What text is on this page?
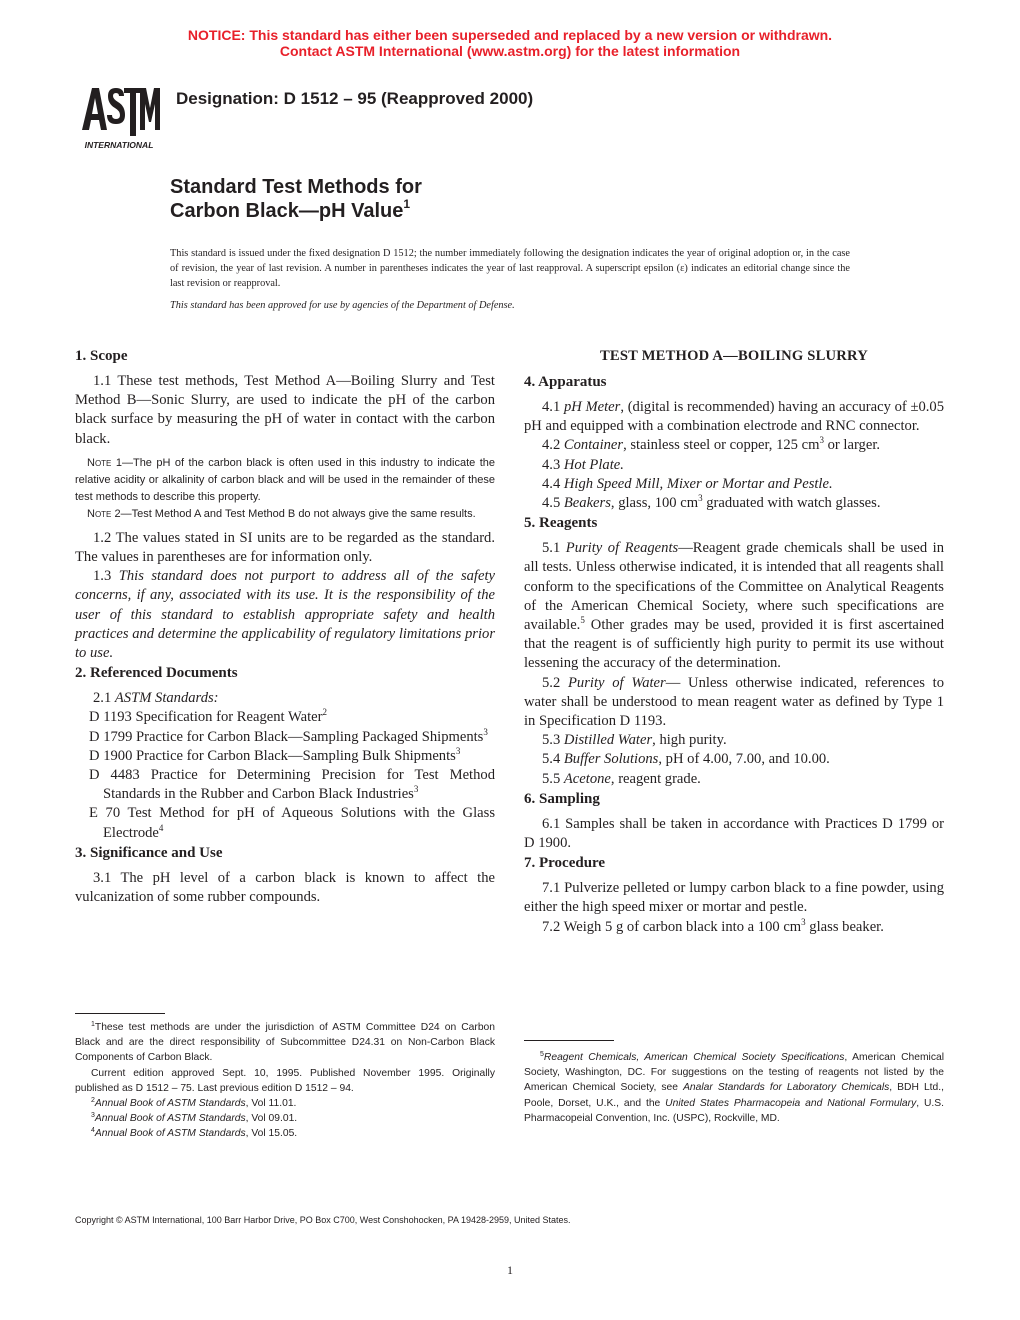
NOTICE: This standard has either been superseded and replaced by a new version or withdrawn.
Contact ASTM International (www.astm.org) for the latest information
INTERNATIONAL
Designation: D 1512 – 95 (Reapproved 2000)
Standard Test Methods for
Carbon Black—pH Value$^1$
This standard is issued under the fixed designation D 1512; the number immediately following the designation indicates the year of original adoption or, in the case of revision, the year of last revision. A number in parentheses indicates the year of last reapproval. A superscript epsilon (ε) indicates an editorial change since the last revision or reapproval.
This standard has been approved for use by agencies of the Department of Defense.
1. Scope

1.1 These test methods, Test Method A—Boiling Slurry and Test Method B—Sonic Slurry, are used to indicate the pH of the carbon black surface by measuring the pH of water in contact with the carbon black.

Note 1—The pH of the carbon black is often used in this industry to indicate the relative acidity or alkalinity of carbon black and will be used in the remainder of these test methods to describe this property.

Note 2—Test Method A and Test Method B do not always give the same results.

1.2 The values stated in SI units are to be regarded as the standard. The values in parentheses are for information only.

1.3 This standard does not purport to address all of the safety concerns, if any, associated with its use. It is the responsibility of the user of this standard to establish appropriate safety and health practices and determine the applicability of regulatory limitations prior to use.

2. Referenced Documents

2.1 ASTM Standards:

D 1193 Specification for Reagent Water$^2$

D 1799 Practice for Carbon Black—Sampling Packaged Shipments$^3$

D 1900 Practice for Carbon Black—Sampling Bulk Shipments$^3$

D 4483 Practice for Determining Precision for Test Method Standards in the Rubber and Carbon Black Industries$^3$

E 70 Test Method for pH of Aqueous Solutions with the Glass Electrode$^4$

3. Significance and Use

3.1 The pH level of a carbon black is known to affect the vulcanization of some rubber compounds.

$^1$These test methods are under the jurisdiction of ASTM Committee D24 on Carbon Black and are the direct responsibility of Subcommittee D24.31 on Non-Carbon Black Components of Carbon Black.

Current edition approved Sept. 10, 1995. Published November 1995. Originally published as D 1512 – 75. Last previous edition D 1512 – 94.

$^2$Annual Book of ASTM Standards, Vol 11.01.

$^3$Annual Book of ASTM Standards, Vol 09.01.

$^4$Annual Book of ASTM Standards, Vol 15.05.

TEST METHOD A—BOILING SLURRY
4. Apparatus

4.1 pH Meter, (digital is recommended) having an accuracy of ±0.05 pH and equipped with a combination electrode and RNC connector.

4.2 Container, stainless steel or copper, 125 $cm^3$ or larger.

4.3 Hot Plate.

4.4 High Speed Mill, Mixer or Mortar and Pestle.

4.5 Beakers, glass, 100 $cm^3$ graduated with watch glasses.

5. Reagents

5.1 Purity of Reagents—Reagent grade chemicals shall be used in all tests. Unless otherwise indicated, it is intended that all reagents shall conform to the specifications of the Committee on Analytical Reagents of the American Chemical Society, where such specifications are available.$^5$ Other grades may be used, provided it is first ascertained that the reagent is of sufficiently high purity to permit its use without lessening the accuracy of the determination.

5.2 Purity of Water— Unless otherwise indicated, references to water shall be understood to mean reagent water as defined by Type 1 in Specification D 1193.

5.3 Distilled Water, high purity.

5.4 Buffer Solutions, pH of 4.00, 7.00, and 10.00.

5.5 Acetone, reagent grade.

6. Sampling

6.1 Samples shall be taken in accordance with Practices D 1799 or D 1900.

7. Procedure

7.1 Pulverize pelleted or lumpy carbon black to a fine powder, using either the high speed mixer or mortar and pestle.

7.2 Weigh 5 g of carbon black into a 100 $cm^3$ glass beaker.

$^5$Reagent Chemicals, American Chemical Society Specifications, American Chemical Society, Washington, DC. For suggestions on the testing of reagents not listed by the American Chemical Society, see Analar Standards for Laboratory Chemicals, BDH Ltd., Poole, Dorset, U.K., and the United States Pharmacopeia and National Formulary, U.S. Pharmacopeial Convention, Inc. (USPC), Rockville, MD.

Copyright © ASTM International, 100 Barr Harbor Drive, PO Box C700, West Conshohocken, PA 19428-2959, United States.
1
